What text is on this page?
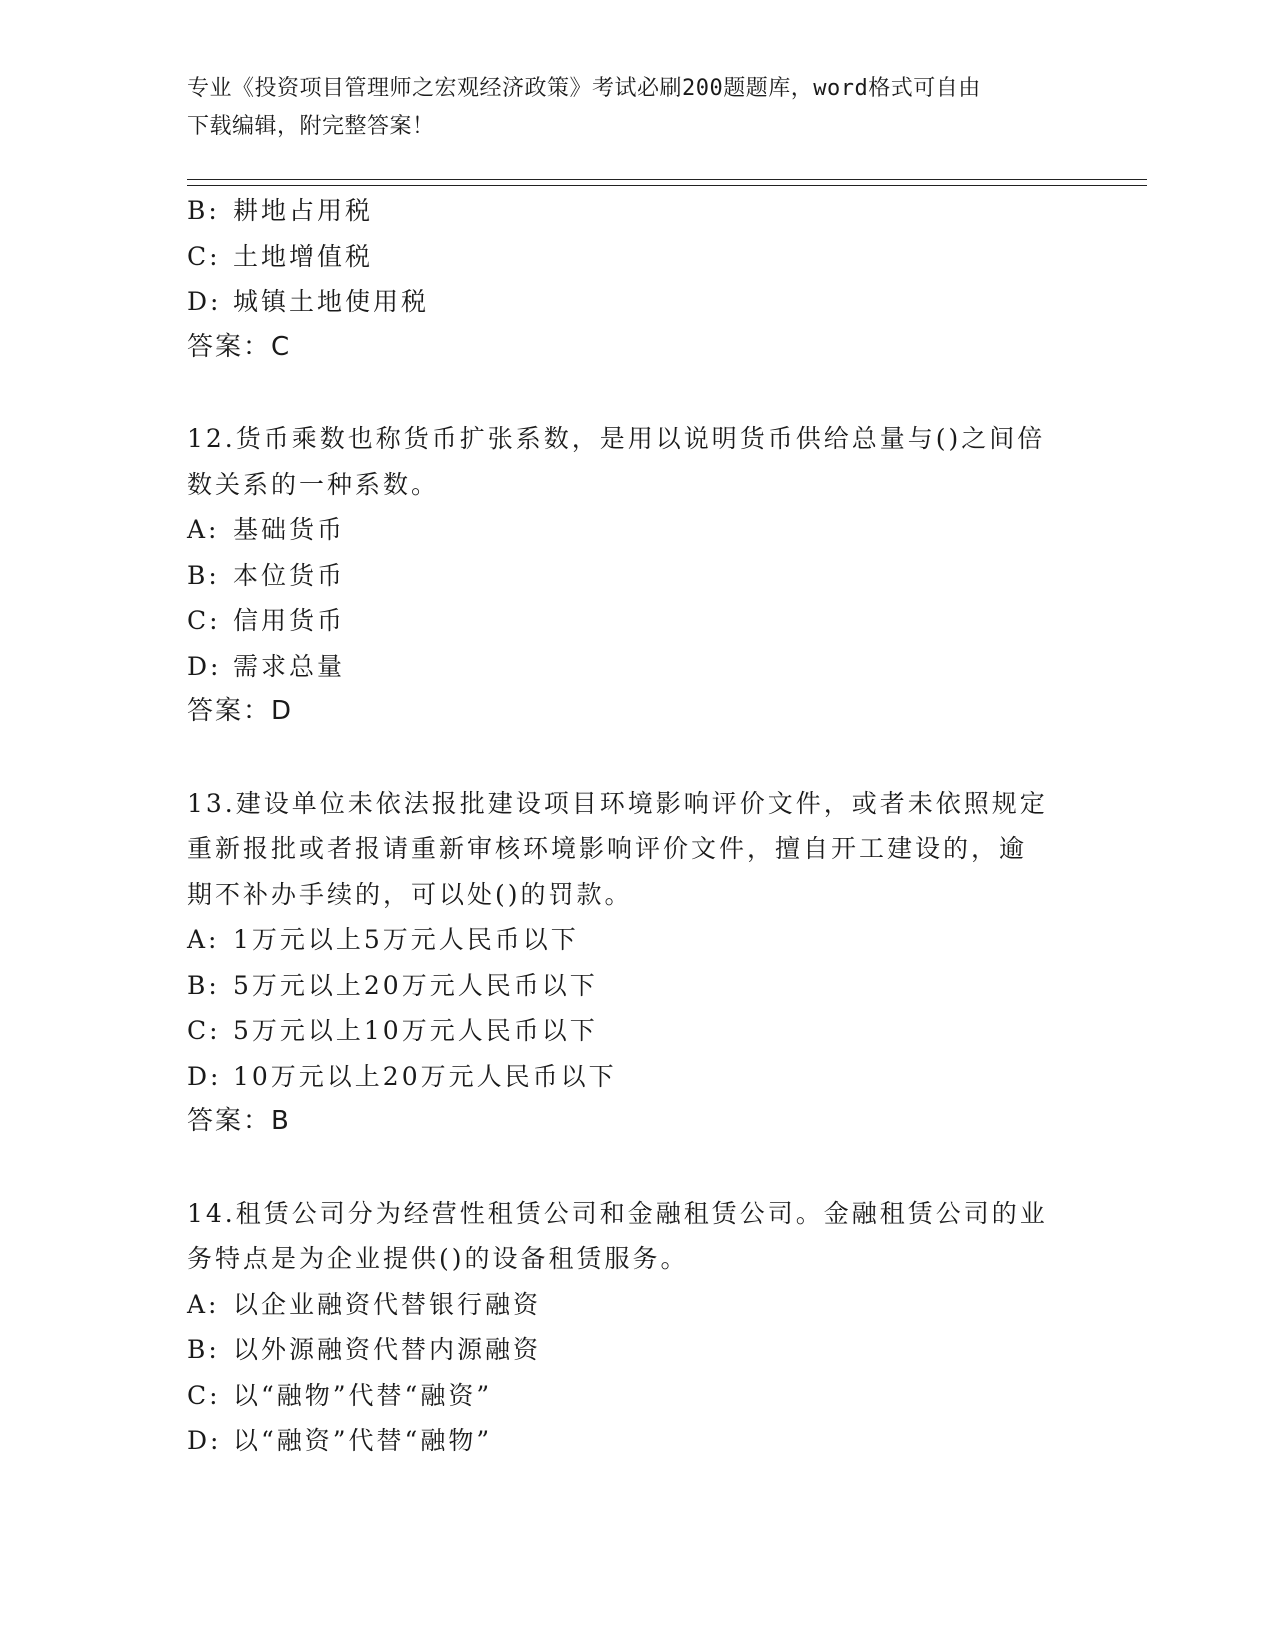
专业《投资项目管理师之宏观经济政策》考试必刷200题题库，word格式可自由
下载编辑，附完整答案！
B: 耕地占用税
C: 土地增值税
D: 城镇土地使用税
答案：C
12.货币乘数也称货币扩张系数，是用以说明货币供给总量与()之间倍
数关系的一种系数。
A: 基础货币
B: 本位货币
C: 信用货币
D: 需求总量
答案：D
13.建设单位未依法报批建设项目环境影响评价文件，或者未依照规定
重新报批或者报请重新审核环境影响评价文件，擅自开工建设的，逾
期不补办手续的，可以处()的罚款。
A: 1万元以上5万元人民币以下
B: 5万元以上20万元人民币以下
C: 5万元以上10万元人民币以下
D: 10万元以上20万元人民币以下
答案：B
14.租赁公司分为经营性租赁公司和金融租赁公司。金融租赁公司的业
务特点是为企业提供()的设备租赁服务。
A: 以企业融资代替银行融资
B: 以外源融资代替内源融资
C: 以“融物”代替“融资”
D: 以“融资”代替“融物”
